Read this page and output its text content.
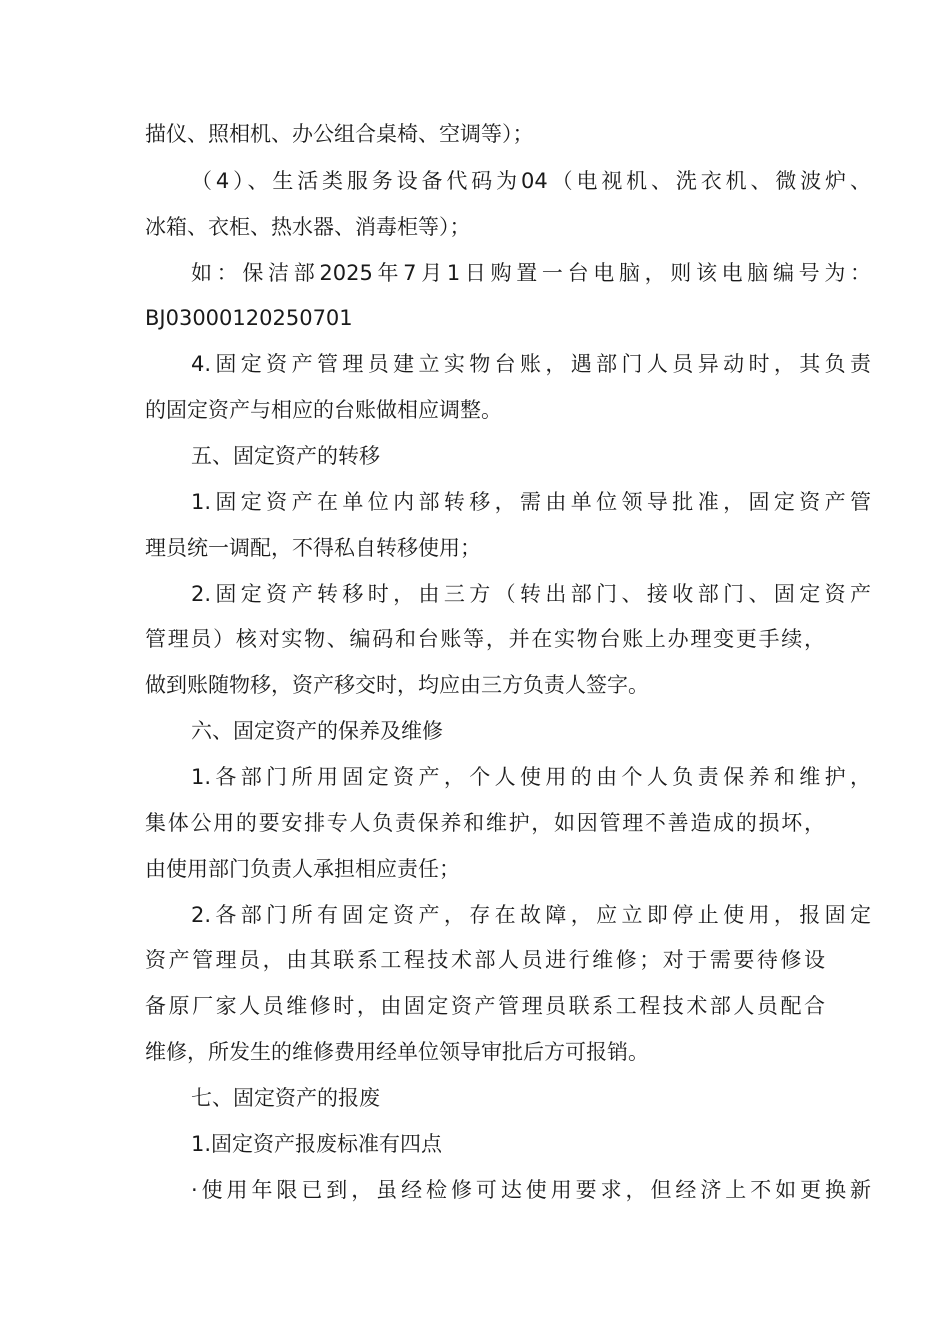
描仪、照相机、办公组合桌椅、空调等）；
（4）、生活类服务设备代码为04（电视机、洗衣机、微波炉、
冰箱、衣柜、热水器、消毒柜等）；
如：保洁部2025年7月1日购置一台电脑，则该电脑编号为：
BJ03000120250701
4.固定资产管理员建立实物台账，遇部门人员异动时，其负责
的固定资产与相应的台账做相应调整。
五、固定资产的转移
1.固定资产在单位内部转移，需由单位领导批准，固定资产管
理员统一调配，不得私自转移使用；
2.固定资产转移时，由三方（转出部门、接收部门、固定资产
管理员）核对实物、编码和台账等，并在实物台账上办理变更手续，
做到账随物移，资产移交时，均应由三方负责人签字。
六、固定资产的保养及维修
1.各部门所用固定资产，个人使用的由个人负责保养和维护，
集体公用的要安排专人负责保养和维护，如因管理不善造成的损坏，
由使用部门负责人承担相应责任；
2.各部门所有固定资产，存在故障，应立即停止使用，报固定
资产管理员，由其联系工程技术部人员进行维修；对于需要待修设
备原厂家人员维修时，由固定资产管理员联系工程技术部人员配合
维修，所发生的维修费用经单位领导审批后方可报销。
七、固定资产的报废
1.固定资产报废标准有四点
·使用年限已到，虽经检修可达使用要求，但经济上不如更换新
